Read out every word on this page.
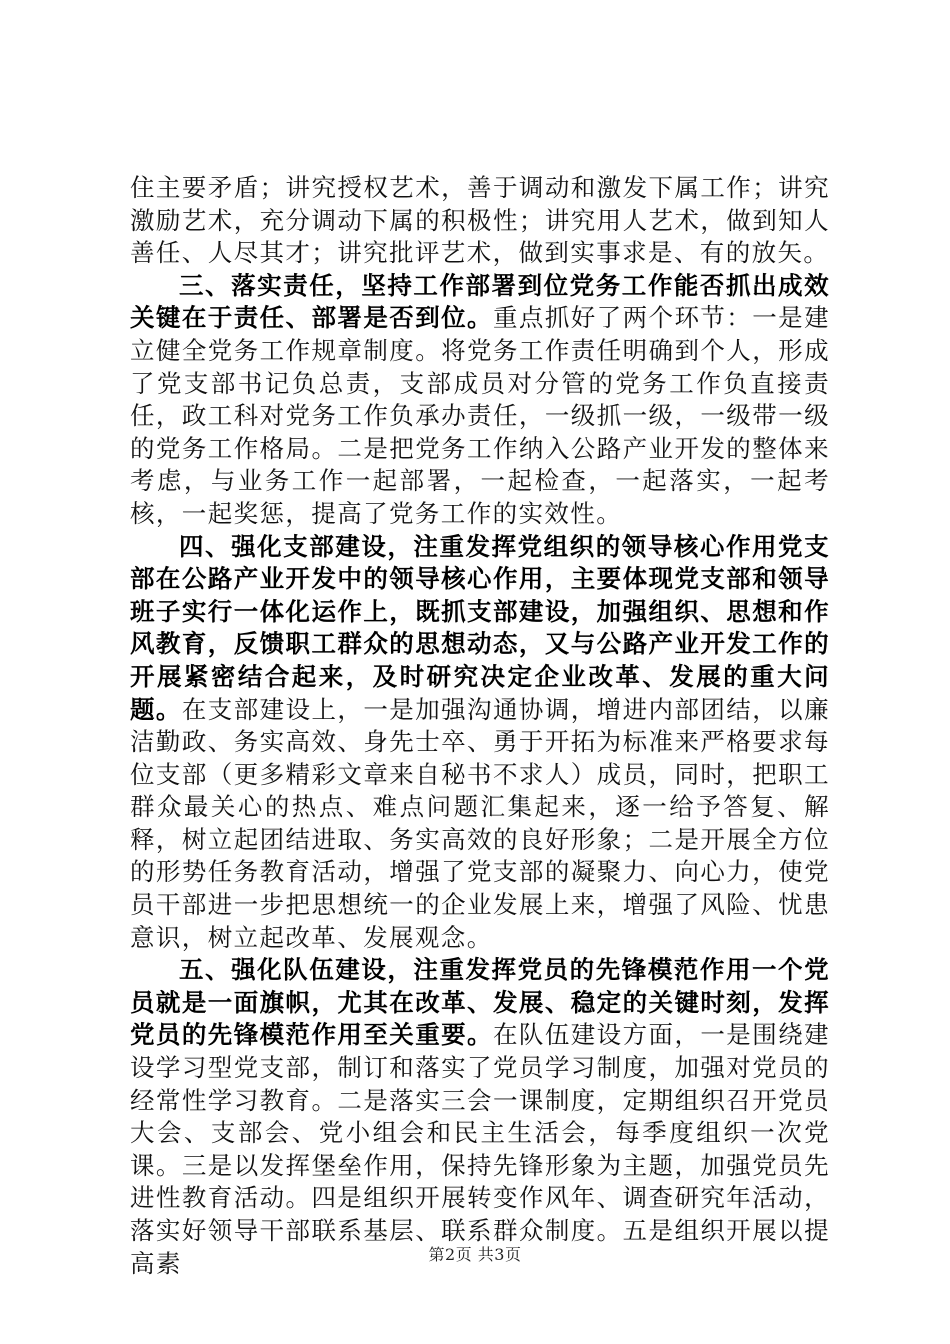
住主要矛盾；讲究授权艺术，善于调动和激发下属工作；讲究激励艺术，充分调动下属的积极性；讲究用人艺术，做到知人善任、人尽其才；讲究批评艺术，做到实事求是、有的放矢。

三、落实责任，坚持工作部署到位党务工作能否抓出成效关键在于责任、部署是否到位。重点抓好了两个环节：一是建立健全党务工作规章制度。将党务工作责任明确到个人，形成了党支部书记负总责，支部成员对分管的党务工作负直接责任，政工科对党务工作负承办责任，一级抓一级，一级带一级的党务工作格局。二是把党务工作纳入公路产业开发的整体来考虑，与业务工作一起部署，一起检查，一起落实，一起考核，一起奖惩，提高了党务工作的实效性。

四、强化支部建设，注重发挥党组织的领导核心作用党支部在公路产业开发中的领导核心作用，主要体现党支部和领导班子实行一体化运作上，既抓支部建设，加强组织、思想和作风教育，反馈职工群众的思想动态，又与公路产业开发工作的开展紧密结合起来，及时研究决定企业改革、发展的重大问题。在支部建设上，一是加强沟通协调，增进内部团结，以廉洁勤政、务实高效、身先士卒、勇于开拓为标准来严格要求每位支部（更多精彩文章来自秘书不求人）成员，同时，把职工群众最关心的热点、难点问题汇集起来，逐一给予答复、解释，树立起团结进取、务实高效的良好形象；二是开展全方位的形势任务教育活动，增强了党支部的凝聚力、向心力，使党员干部进一步把思想统一的企业发展上来，增强了风险、忧患意识，树立起改革、发展观念。

五、强化队伍建设，注重发挥党员的先锋模范作用一个党员就是一面旗帜，尤其在改革、发展、稳定的关键时刻，发挥党员的先锋模范作用至关重要。在队伍建设方面，一是围绕建设学习型党支部，制订和落实了党员学习制度，加强对党员的经常性学习教育。二是落实三会一课制度，定期组织召开党员大会、支部会、党小组会和民主生活会，每季度组织一次党课。三是以发挥堡垒作用，保持先锋形象为主题，加强党员先进性教育活动。四是组织开展转变作风年、调查研究年活动，落实好领导干部联系基层、联系群众制度。五是组织开展以提高素	第2页 共3页
